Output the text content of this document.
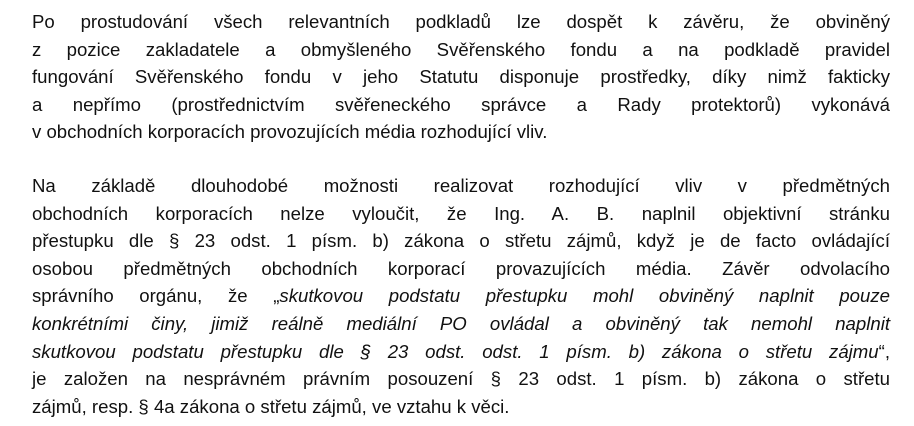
Po prostudování všech relevantních podkladů lze dospět k závěru, že obviněný
z pozice zakladatele a obmyšleného Svěřenského fondu a na podkladě pravidel
fungování Svěřenského fondu v jeho Statutu disponuje prostředky, díky nimž fakticky
a nepřímo (prostřednictvím svěřeneckého správce a Rady protektorů) vykonává
v obchodních korporacích provozujících média rozhodující vliv.
Na základě dlouhodobé možnosti realizovat rozhodující vliv v předmětných
obchodních korporacích nelze vyloučit, že Ing. A. B. naplnil objektivní stránku
přestupku dle § 23 odst. 1 písm. b) zákona o střetu zájmů, když je de facto ovládající
osobou předmětných obchodních korporací provazujících média. Závěr odvolacího
správního orgánu, že „skutkovou podstatu přestupku mohl obviněný naplnit pouze
konkrétními činy, jimiž reálně mediální PO ovládal a obviněný tak nemohl naplnit
skutkovou podstatu přestupku dle § 23 odst. odst. 1 písm. b) zákona o střetu zájmu“,
je založen na nesprávném právním posouzení § 23 odst. 1 písm. b) zákona o střetu
zájmů, resp. § 4a zákona o střetu zájmů, ve vztahu k věci.
